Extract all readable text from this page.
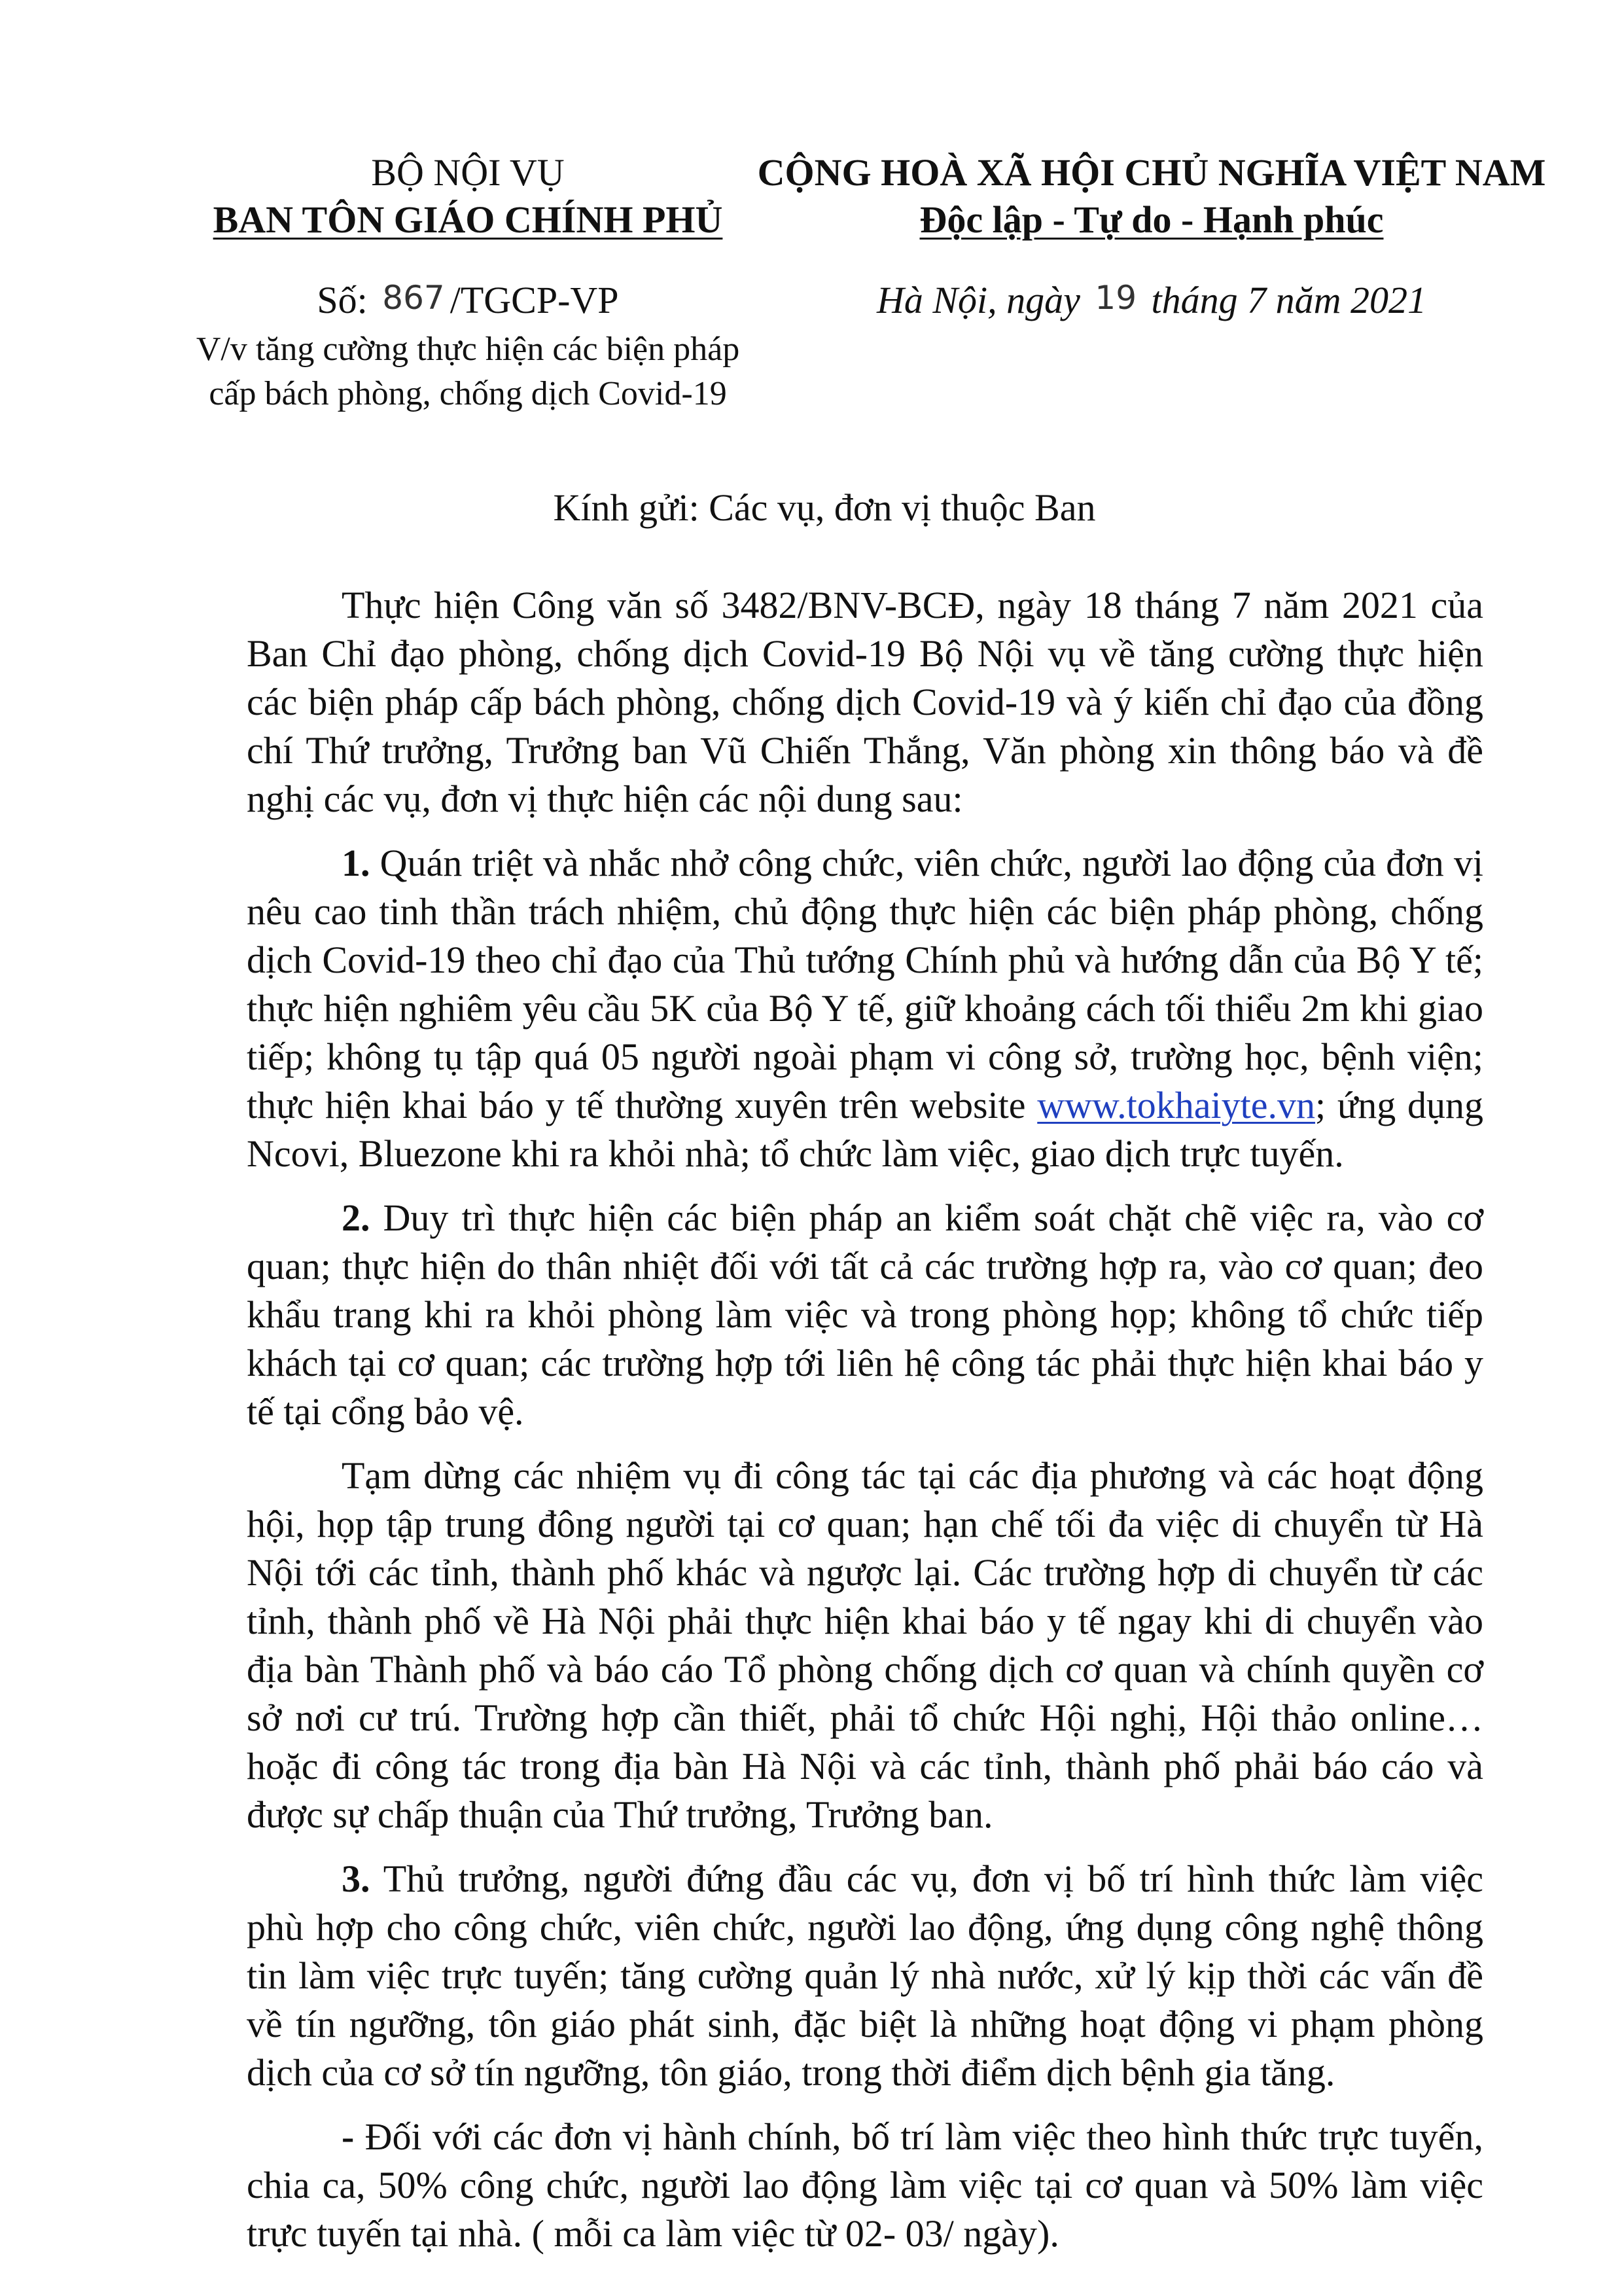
BỘ NỘI VỤ
BAN TÔN GIÁO CHÍNH PHỦ
CỘNG HOÀ XÃ HỘI CHỦ NGHĨA VIỆT NAM
Độc lập - Tự do - Hạnh phúc
Số: 867 /TGCP-VP
V/v tăng cường thực hiện các biện pháp
cấp bách phòng, chống dịch Covid-19
Hà Nội, ngày 19 tháng 7 năm 2021
Kính gửi: Các vụ, đơn vị thuộc Ban

Thực hiện Công văn số 3482/BNV-BCĐ, ngày 18 tháng 7 năm 2021 của Ban Chỉ đạo phòng, chống dịch Covid-19 Bộ Nội vụ về tăng cường thực hiện các biện pháp cấp bách phòng, chống dịch Covid-19 và ý kiến chỉ đạo của đồng chí Thứ trưởng, Trưởng ban Vũ Chiến Thắng, Văn phòng xin thông báo và đề nghị các vụ, đơn vị thực hiện các nội dung sau:

1. Quán triệt và nhắc nhở công chức, viên chức, người lao động của đơn vị nêu cao tinh thần trách nhiệm, chủ động thực hiện các biện pháp phòng, chống dịch Covid-19 theo chỉ đạo của Thủ tướng Chính phủ và hướng dẫn của Bộ Y tế; thực hiện nghiêm yêu cầu 5K của Bộ Y tế, giữ khoảng cách tối thiểu 2m khi giao tiếp; không tụ tập quá 05 người ngoài phạm vi công sở, trường học, bệnh viện; thực hiện khai báo y tế thường xuyên trên website www.tokhaiyte.vn; ứng dụng Ncovi, Bluezone khi ra khỏi nhà; tổ chức làm việc, giao dịch trực tuyến.

2. Duy trì thực hiện các biện pháp an kiểm soát chặt chẽ việc ra, vào cơ quan; thực hiện do thân nhiệt đối với tất cả các trường hợp ra, vào cơ quan; đeo khẩu trang khi ra khỏi phòng làm việc và trong phòng họp; không tổ chức tiếp khách tại cơ quan; các trường hợp tới liên hệ công tác phải thực hiện khai báo y tế tại cổng bảo vệ.

Tạm dừng các nhiệm vụ đi công tác tại các địa phương và các hoạt động hội, họp tập trung đông người tại cơ quan; hạn chế tối đa việc di chuyển từ Hà Nội tới các tỉnh, thành phố khác và ngược lại. Các trường hợp di chuyển từ các tỉnh, thành phố về Hà Nội phải thực hiện khai báo y tế ngay khi di chuyển vào địa bàn Thành phố và báo cáo Tổ phòng chống dịch cơ quan và chính quyền cơ sở nơi cư trú. Trường hợp cần thiết, phải tổ chức Hội nghị, Hội thảo online… hoặc đi công tác trong địa bàn Hà Nội và các tỉnh, thành phố phải báo cáo và được sự chấp thuận của Thứ trưởng, Trưởng ban.

3. Thủ trưởng, người đứng đầu các vụ, đơn vị bố trí hình thức làm việc phù hợp cho công chức, viên chức, người lao động, ứng dụng công nghệ thông tin làm việc trực tuyến; tăng cường quản lý nhà nước, xử lý kịp thời các vấn đề về tín ngưỡng, tôn giáo phát sinh, đặc biệt là những hoạt động vi phạm phòng dịch của cơ sở tín ngưỡng, tôn giáo, trong thời điểm dịch bệnh gia tăng.

- Đối với các đơn vị hành chính, bố trí làm việc theo hình thức trực tuyến, chia ca, 50% công chức, người lao động làm việc tại cơ quan và 50% làm việc trực tuyến tại nhà. ( mỗi ca làm việc từ 02- 03/ ngày).
